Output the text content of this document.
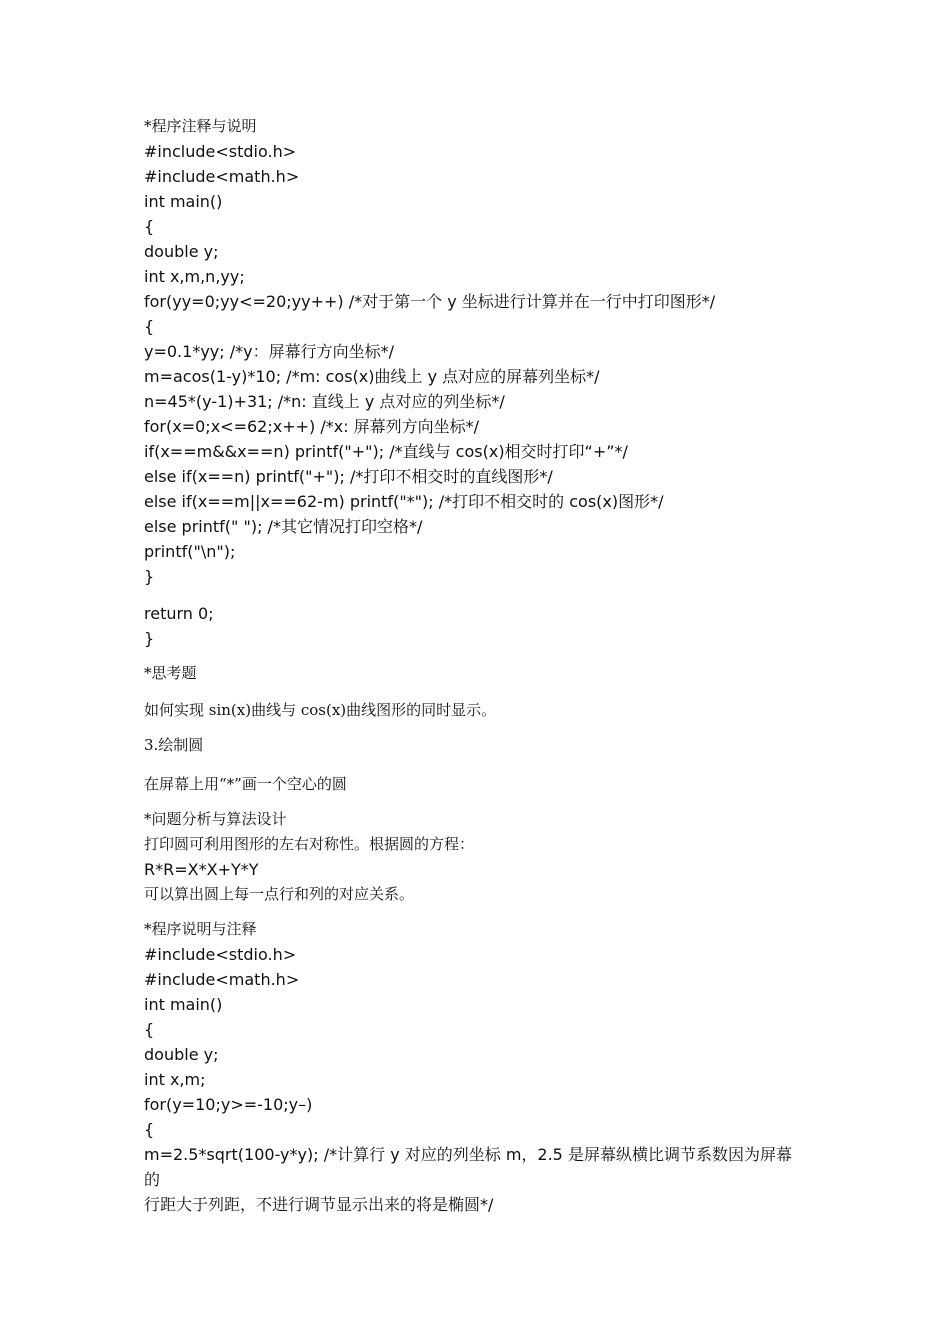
*程序注释与说明
#include<stdio.h>
#include<math.h>
int main()
{
double y;
int x,m,n,yy;
for(yy=0;yy<=20;yy++) /*对于第一个 y 坐标进行计算并在一行中打印图形*/
{
y=0.1*yy; /*y：屏幕行方向坐标*/
m=acos(1-y)*10; /*m: cos(x)曲线上 y 点对应的屏幕列坐标*/
n=45*(y-1)+31; /*n: 直线上 y 点对应的列坐标*/
for(x=0;x<=62;x++) /*x: 屏幕列方向坐标*/
if(x==m&&x==n) printf("+"); /*直线与 cos(x)相交时打印“+”*/
else if(x==n) printf("+"); /*打印不相交时的直线图形*/
else if(x==m||x==62-m) printf("*"); /*打印不相交时的 cos(x)图形*/
else printf(" "); /*其它情况打印空格*/
printf("\n");
}
return 0;
}
*思考题
如何实现 sin(x)曲线与 cos(x)曲线图形的同时显示。
3.绘制圆
在屏幕上用“*”画一个空心的圆
*问题分析与算法设计
打印圆可利用图形的左右对称性。根据圆的方程：
R*R=X*X+Y*Y
可以算出圆上每一点行和列的对应关系。
*程序说明与注释
#include<stdio.h>
#include<math.h>
int main()
{
double y;
int x,m;
for(y=10;y>=-10;y–)
{
m=2.5*sqrt(100-y*y); /*计算行 y 对应的列坐标 m，2.5 是屏幕纵横比调节系数因为屏幕
的
行距大于列距，不进行调节显示出来的将是椭圆*/
